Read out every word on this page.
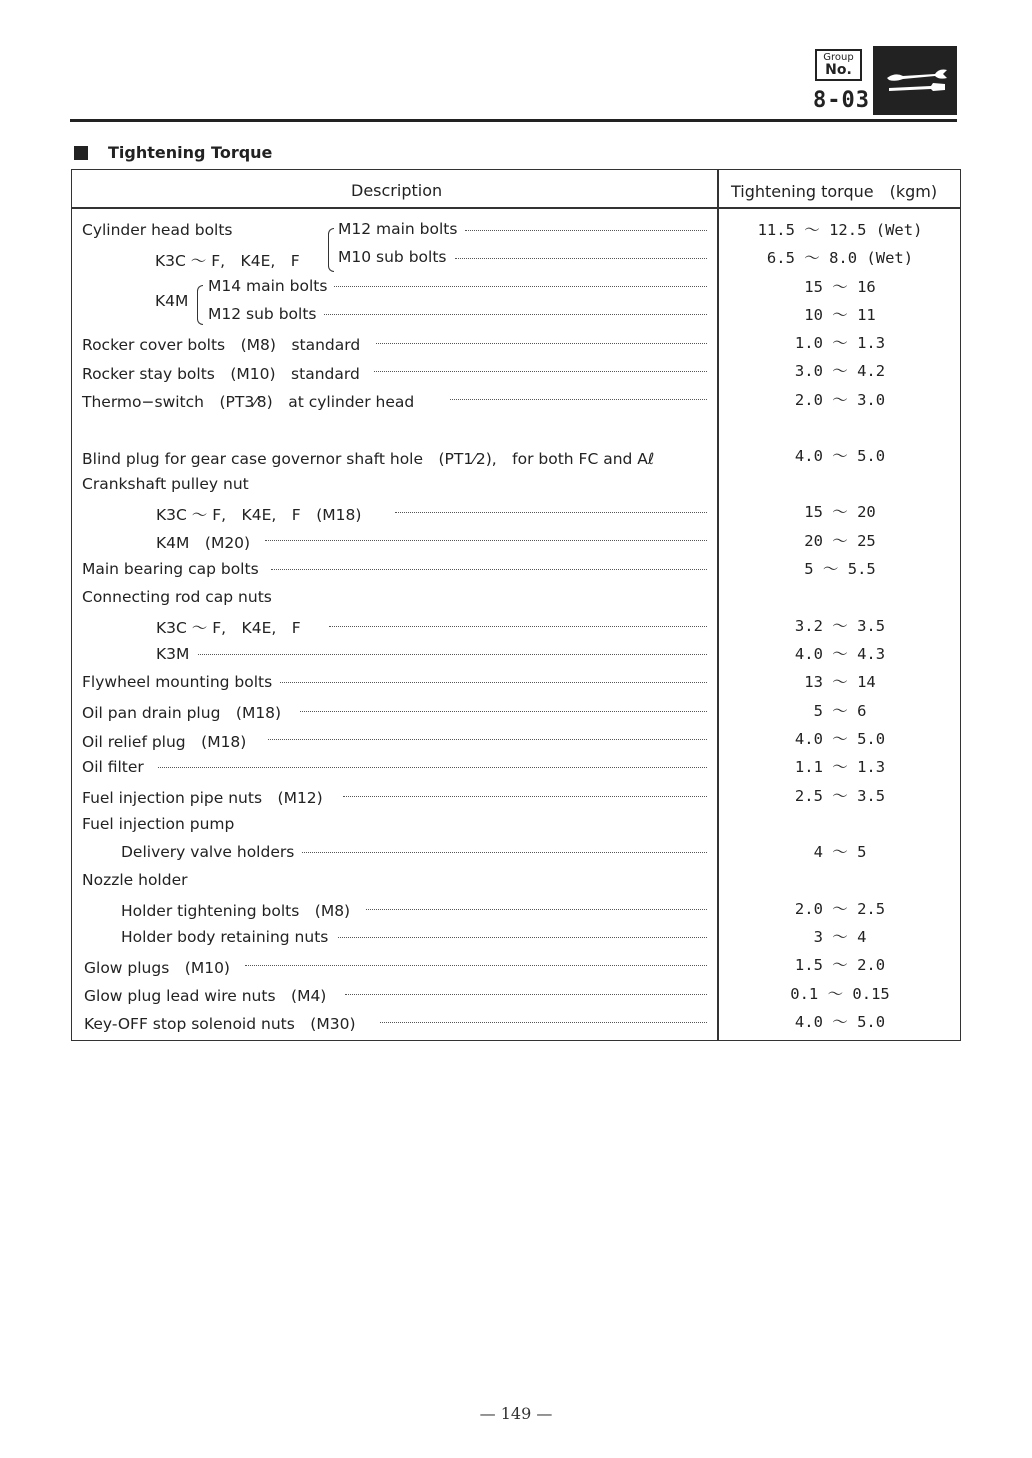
Group
No.
8-03
Tightening Torque
Description	Tightening torque　(kgm)
Cylinder head bolts
K3C 〜 F,　K4E,　F
M12 main bolts	11.5 〜 12.5 (Wet)
M10 sub bolts	6.5 〜 8.0 (Wet)
K4M
M14 main bolts	15 〜 16
M12 sub bolts	10 〜 11
Rocker cover bolts　(M8)　standard	1.0 〜 1.3
Rocker stay bolts　(M10)　standard	3.0 〜 4.2
Thermo−switch　(PT3⁄8)　at cylinder head	2.0 〜 3.0
Blind plug for gear case governor shaft hole　(PT1⁄2),　for both FC and Aℓ	4.0 〜 5.0
Crankshaft pulley nut
K3C 〜 F,　K4E,　F　(M18)	15 〜 20
K4M　(M20)	20 〜 25
Main bearing cap bolts	5 〜 5.5
Connecting rod cap nuts
K3C 〜 F,　K4E,　F	3.2 〜 3.5
K3M	4.0 〜 4.3
Flywheel mounting bolts	13 〜 14
Oil pan drain plug　(M18)	5 〜 6
Oil relief plug　(M18)	4.0 〜 5.0
Oil filter	1.1 〜 1.3
Fuel injection pipe nuts　(M12)	2.5 〜 3.5
Fuel injection pump
Delivery valve holders	4 〜 5
Nozzle holder
Holder tightening bolts　(M8)	2.0 〜 2.5
Holder body retaining nuts	3 〜 4
Glow plugs　(M10)	1.5 〜 2.0
Glow plug lead wire nuts　(M4)	0.1 〜 0.15
Key-OFF stop solenoid nuts　(M30)	4.0 〜 5.0
— 149 —
